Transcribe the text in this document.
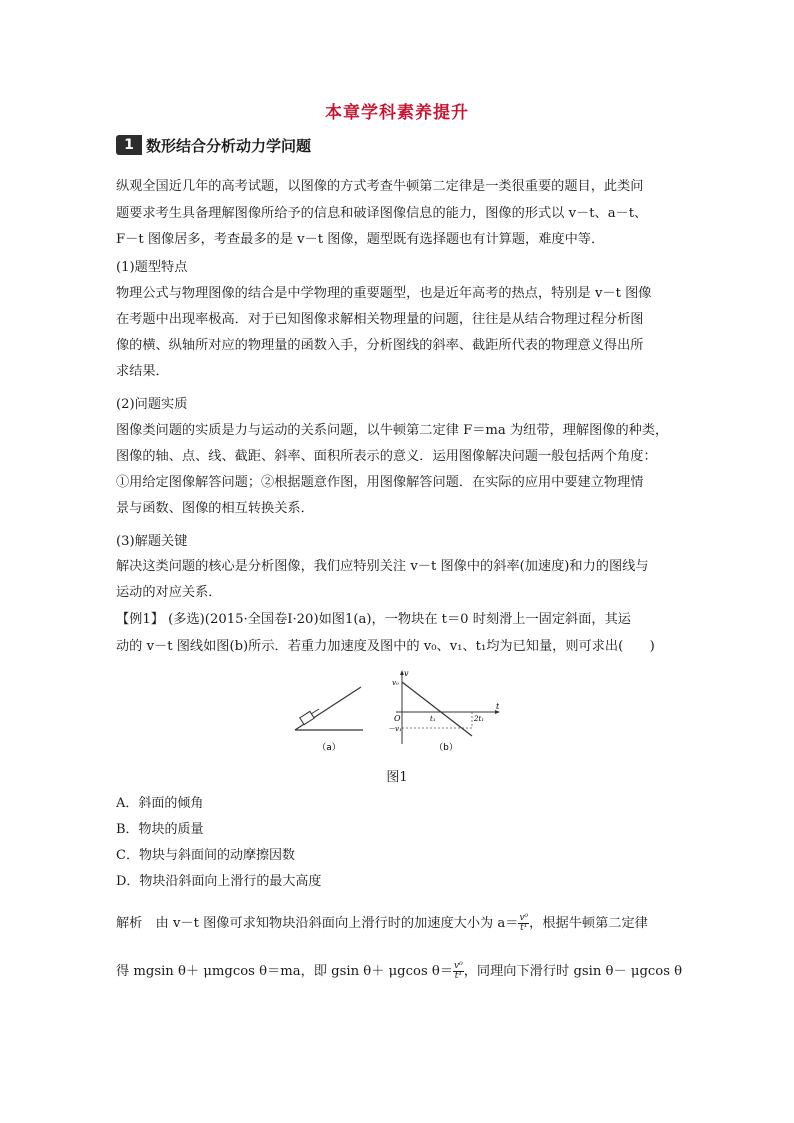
本章学科素养提升
1 数形结合分析动力学问题
纵观全国近几年的高考试题，以图像的方式考查牛顿第二定律是一类很重要的题目，此类问
题要求考生具备理解图像所给予的信息和破译图像信息的能力，图像的形式以 v－t、a－t、
F－t 图像居多，考查最多的是 v－t 图像，题型既有选择题也有计算题，难度中等．
(1)题型特点
物理公式与物理图像的结合是中学物理的重要题型，也是近年高考的热点，特别是 v－t 图像
在考题中出现率极高．对于已知图像求解相关物理量的问题，往往是从结合物理过程分析图
像的横、纵轴所对应的物理量的函数入手，分析图线的斜率、截距所代表的物理意义得出所
求结果．
(2)问题实质
图像类问题的实质是力与运动的关系问题，以牛顿第二定律 F＝ma 为纽带，理解图像的种类，
图像的轴、点、线、截距、斜率、面积所表示的意义．运用图像解决问题一般包括两个角度：
①用给定图像解答问题；②根据题意作图，用图像解答问题．在实际的应用中要建立物理情
景与函数、图像的相互转换关系．
(3)解题关键
解决这类问题的核心是分析图像，我们应特别关注 v－t 图像中的斜率(加速度)和力的图线与
运动的对应关系．
【例1】 (多选)(2015·全国卷Ⅰ·20)如图1(a)，一物块在 t＝0 时刻滑上一固定斜面，其运
动的 v－t 图线如图(b)所示．若重力加速度及图中的 v₀、v₁、t₁均为已知量，则可求出(　　)
（a）
v
t
v₀
O
－v₁
t₁	2t₁
（b）
图1
A．斜面的倾角
B．物块的质量
C．物块与斜面间的动摩擦因数
D．物块沿斜面向上滑行的最大高度
解析　由 v－t 图像可求知物块沿斜面向上滑行时的加速度大小为 $a= \frac{\text{v⁰}}{\text{t¹}}$ ，根据牛顿第二定律
得 mgsin θ＋ μmgcos θ＝ma，即 gsin θ＋ μgcos $\theta= \frac{\text{v⁰}}{\text{t¹}}$ ，同理向下滑行时 gsin θ－ μgcos θ
